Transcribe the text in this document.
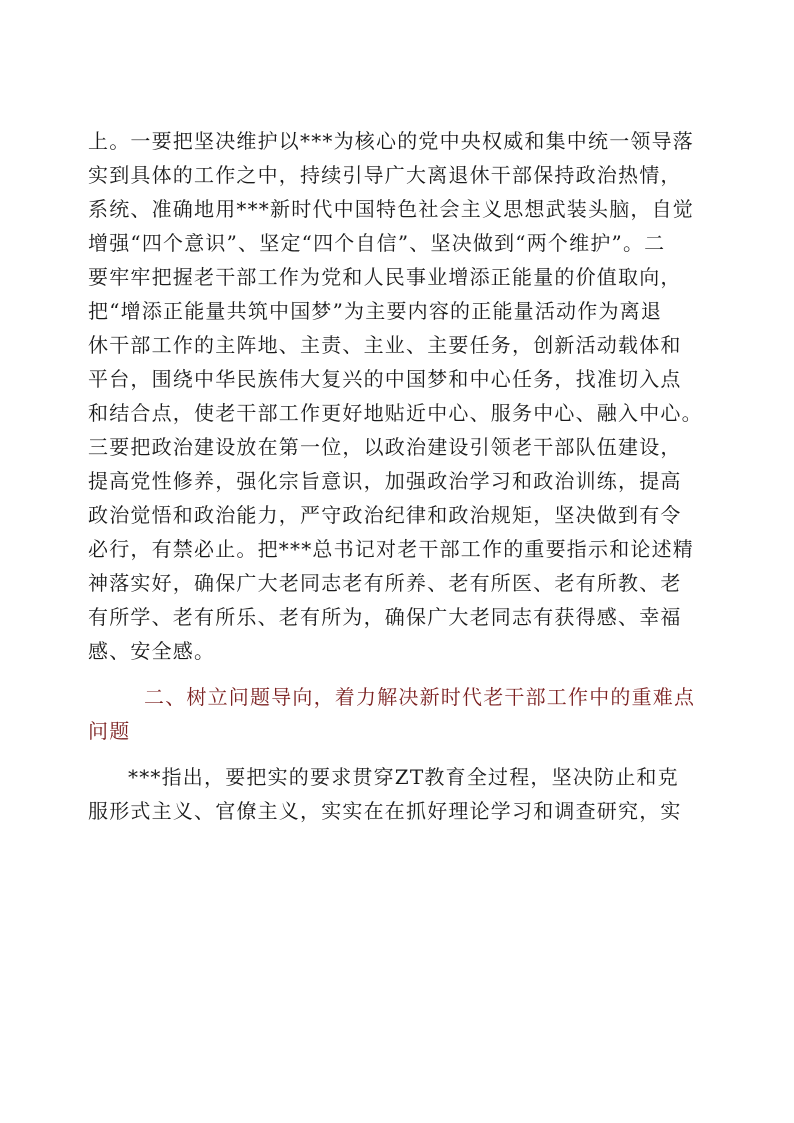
上。一要把坚决维护以***为核心的党中央权威和集中统一领导落
实到具体的工作之中，持续引导广大离退休干部保持政治热情，
系统、准确地用***新时代中国特色社会主义思想武装头脑，自觉
增强“四个意识”、坚定“四个自信”、坚决做到“两个维护”。二
要牢牢把握老干部工作为党和人民事业增添正能量的价值取向，
把“增添正能量共筑中国梦”为主要内容的正能量活动作为离退
休干部工作的主阵地、主责、主业、主要任务，创新活动载体和
平台，围绕中华民族伟大复兴的中国梦和中心任务，找准切入点
和结合点，使老干部工作更好地贴近中心、服务中心、融入中心。
三要把政治建设放在第一位，以政治建设引领老干部队伍建设，
提高党性修养，强化宗旨意识，加强政治学习和政治训练，提高
政治觉悟和政治能力，严守政治纪律和政治规矩，坚决做到有令
必行，有禁必止。把***总书记对老干部工作的重要指示和论述精
神落实好，确保广大老同志老有所养、老有所医、老有所教、老
有所学、老有所乐、老有所为，确保广大老同志有获得感、幸福
感、安全感。
二、树立问题导向，着力解决新时代老干部工作中的重难点
问题
***指出，要把实的要求贯穿ZT教育全过程，坚决防止和克
服形式主义、官僚主义，实实在在抓好理论学习和调查研究，实
